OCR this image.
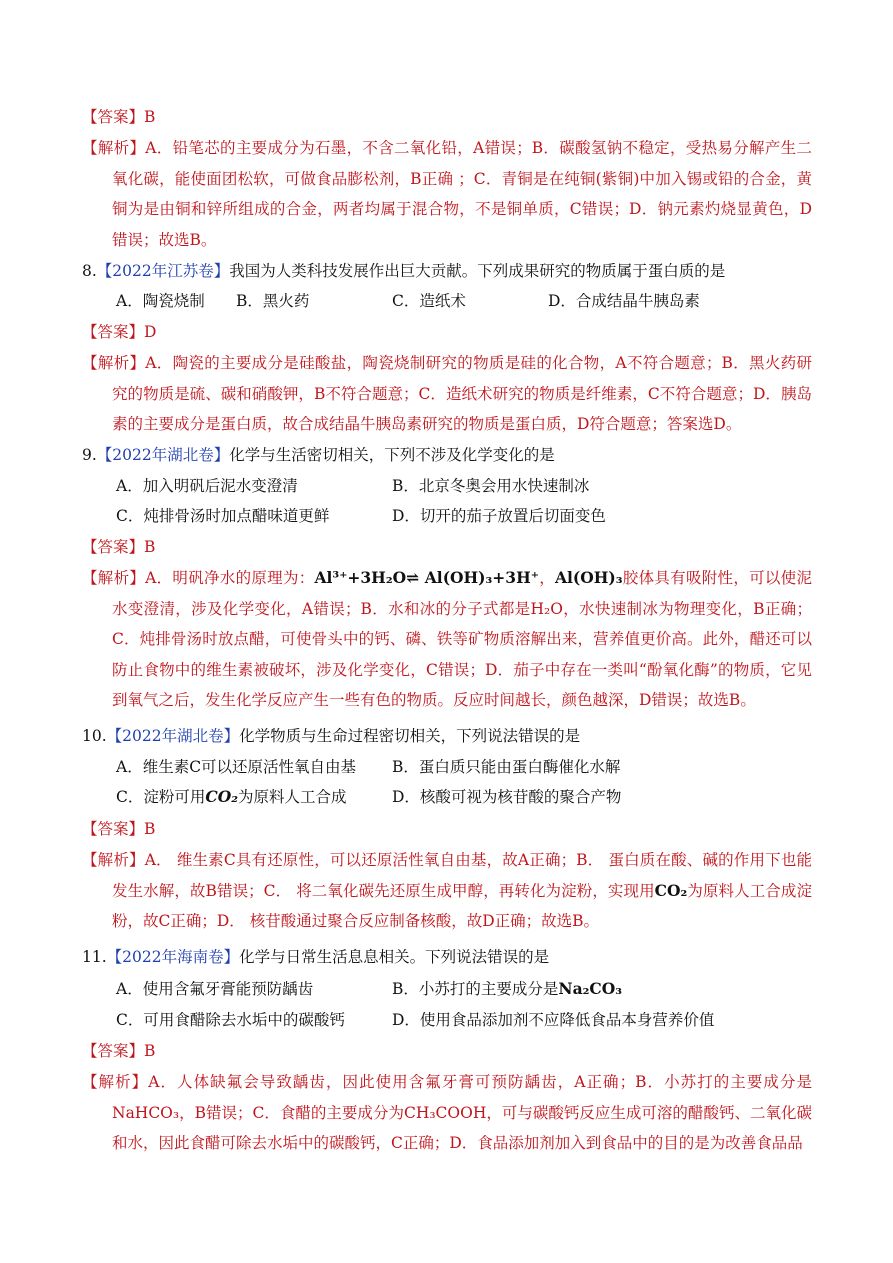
【答案】B
【解析】A．铅笔芯的主要成分为石墨，不含二氧化铅，A错误；B．碳酸氢钠不稳定，受热易分解产生二氧化碳，能使面团松软，可做食品膨松剂，B正确 ；C．青铜是在纯铜(紫铜)中加入锡或铅的合金，黄铜为是由铜和锌所组成的合金，两者均属于混合物，不是铜单质，C错误；D．钠元素灼烧显黄色，D错误；故选B。
8.【2022年江苏卷】我国为人类科技发展作出巨大贡献。下列成果研究的物质属于蛋白质的是
A．陶瓷烧制 B．黑火药	C．造纸术	D．合成结晶牛胰岛素
【答案】D
【解析】A．陶瓷的主要成分是硅酸盐，陶瓷烧制研究的物质是硅的化合物，A不符合题意；B．黑火药研究的物质是硫、碳和硝酸钾，B不符合题意；C．造纸术研究的物质是纤维素，C不符合题意；D．胰岛素的主要成分是蛋白质，故合成结晶牛胰岛素研究的物质是蛋白质，D符合题意；答案选D。
9.【2022年湖北卷】化学与生活密切相关，下列不涉及化学变化的是
A．加入明矾后泥水变澄清	B．北京冬奥会用水快速制冰
C．炖排骨汤时加点醋味道更鲜	D．切开的茄子放置后切面变色
【答案】B
【解析】A．明矾净水的原理为：Al³⁺+3H₂O⇌ Al(OH)₃+3H⁺，Al(OH)₃胶体具有吸附性，可以使泥水变澄清，涉及化学变化，A错误；B．水和冰的分子式都是H₂O，水快速制冰为物理变化，B正确；C．炖排骨汤时放点醋，可使骨头中的钙、磷、铁等矿物质溶解出来，营养值更价高。此外，醋还可以防止食物中的维生素被破坏，涉及化学变化，C错误；D．茄子中存在一类叫“酚氧化酶”的物质，它见到氧气之后，发生化学反应产生一些有色的物质。反应时间越长，颜色越深，D错误；故选B。
10.【2022年湖北卷】化学物质与生命过程密切相关，下列说法错误的是
A．维生素C可以还原活性氧自由基 B．蛋白质只能由蛋白酶催化水解
C．淀粉可用CO₂为原料人工合成	D．核酸可视为核苷酸的聚合产物
【答案】B
【解析】A． 维生素C具有还原性，可以还原活性氧自由基，故A正确；B． 蛋白质在酸、碱的作用下也能发生水解，故B错误；C． 将二氧化碳先还原生成甲醇，再转化为淀粉，实现用CO₂为原料人工合成淀粉，故C正确；D． 核苷酸通过聚合反应制备核酸，故D正确；故选B。
11.【2022年海南卷】化学与日常生活息息相关。下列说法错误的是
A．使用含氟牙膏能预防龋齿	B．小苏打的主要成分是Na₂CO₃
C．可用食醋除去水垢中的碳酸钙	D．使用食品添加剂不应降低食品本身营养价值
【答案】B
【解析】A．人体缺氟会导致龋齿，因此使用含氟牙膏可预防龋齿，A正确；B．小苏打的主要成分是NaHCO₃，B错误；C．食醋的主要成分为CH₃COOH，可与碳酸钙反应生成可溶的醋酸钙、二氧化碳和水，因此食醋可除去水垢中的碳酸钙，C正确；D．食品添加剂加入到食品中的目的是为改善食品品
